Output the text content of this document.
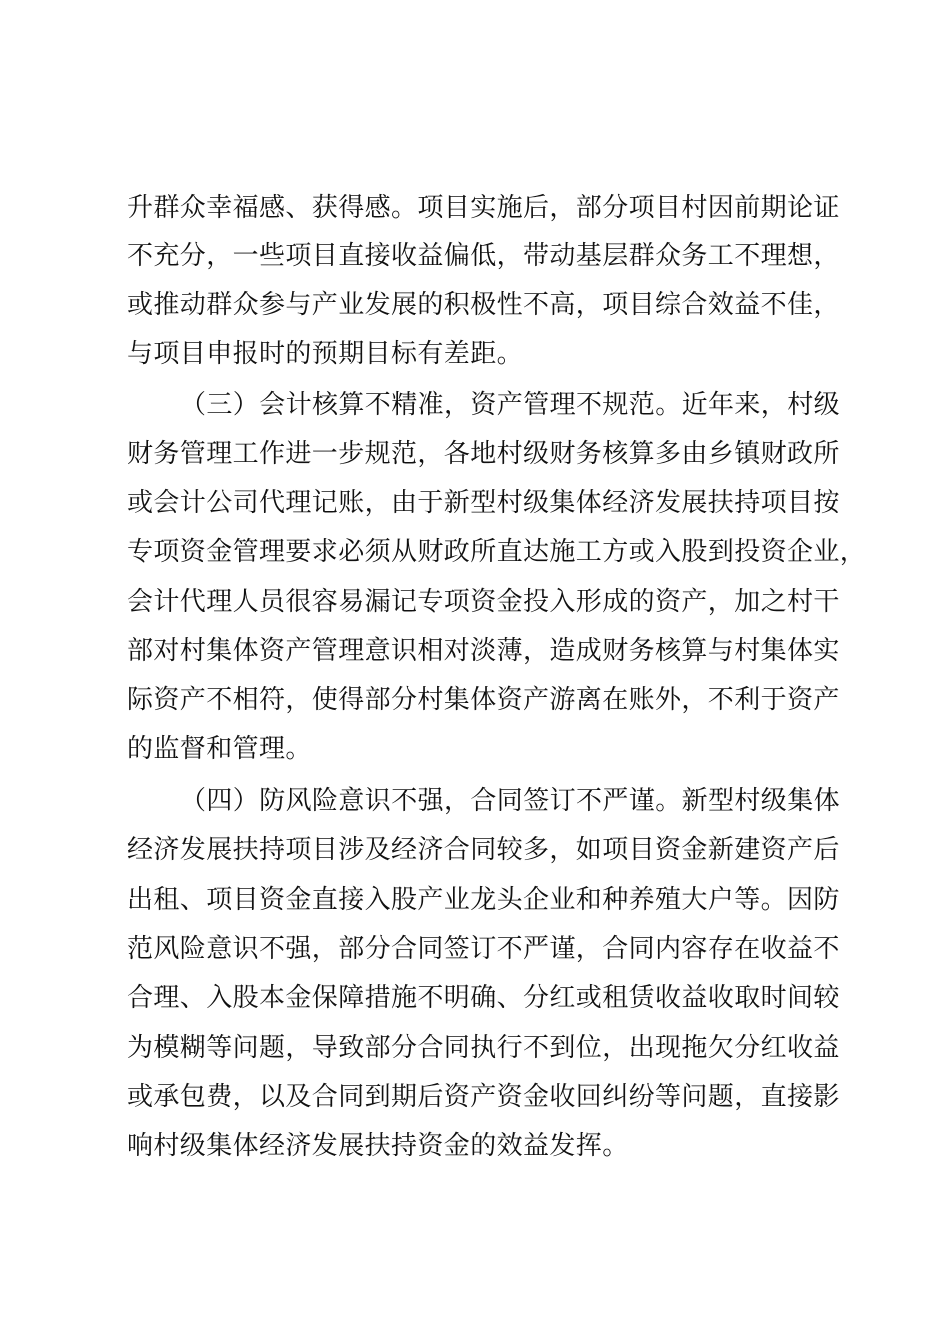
升群众幸福感、获得感。项目实施后，部分项目村因前期论证
不充分，一些项目直接收益偏低，带动基层群众务工不理想，
或推动群众参与产业发展的积极性不高，项目综合效益不佳，
与项目申报时的预期目标有差距。
（三）会计核算不精准，资产管理不规范。近年来，村级
财务管理工作进一步规范，各地村级财务核算多由乡镇财政所
或会计公司代理记账，由于新型村级集体经济发展扶持项目按
专项资金管理要求必须从财政所直达施工方或入股到投资企业，
会计代理人员很容易漏记专项资金投入形成的资产，加之村干
部对村集体资产管理意识相对淡薄，造成财务核算与村集体实
际资产不相符，使得部分村集体资产游离在账外，不利于资产
的监督和管理。
（四）防风险意识不强，合同签订不严谨。新型村级集体
经济发展扶持项目涉及经济合同较多，如项目资金新建资产后
出租、项目资金直接入股产业龙头企业和种养殖大户等。因防
范风险意识不强，部分合同签订不严谨，合同内容存在收益不
合理、入股本金保障措施不明确、分红或租赁收益收取时间较
为模糊等问题，导致部分合同执行不到位，出现拖欠分红收益
或承包费，以及合同到期后资产资金收回纠纷等问题，直接影
响村级集体经济发展扶持资金的效益发挥。
